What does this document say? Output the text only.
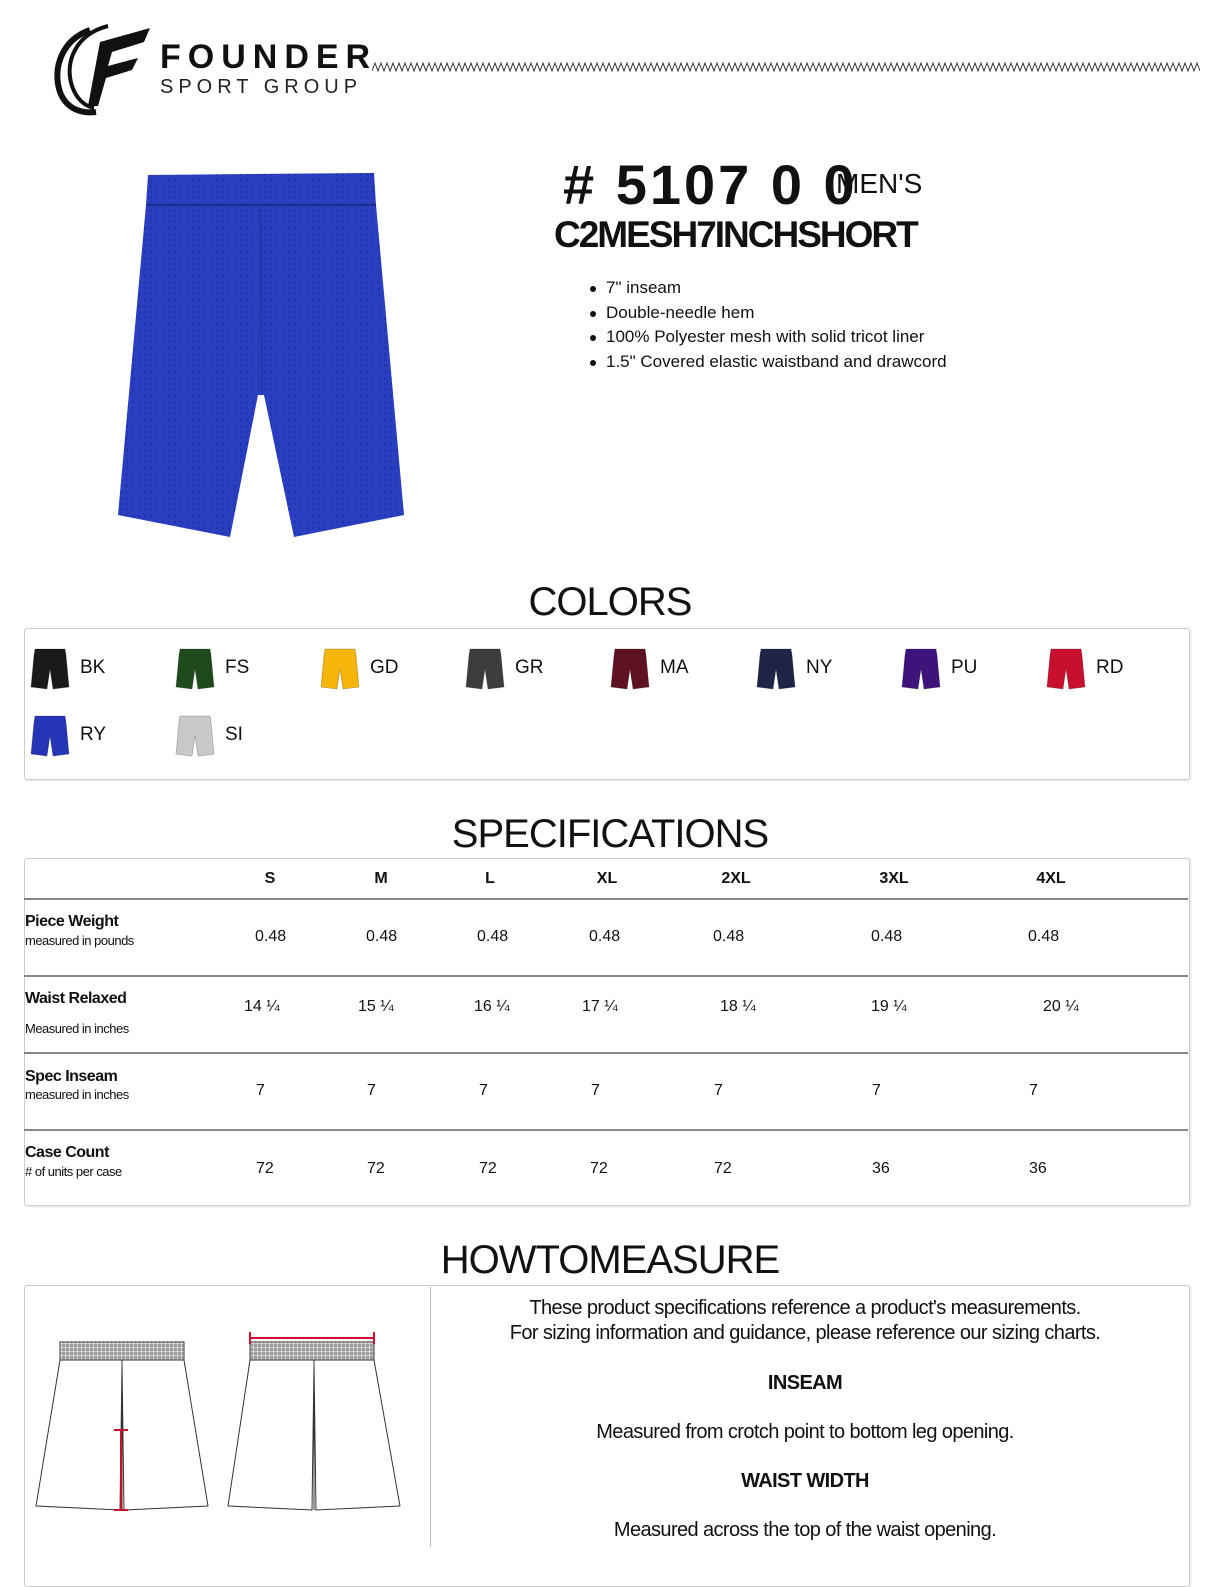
FOUNDER
SPORT GROUP
# 5107 0 0
MEN'S
C2MESH7INCHSHORT
7" inseam
Double-needle hem
100% Polyester mesh with solid tricot liner
1.5" Covered elastic waistband and drawcord
COLORS
BK	FS	GD	GR	MA	NY	PU	RD
RY	SI
SPECIFICATIONS
S	M	L	XL	2XL	3XL	4XL
Piece Weight
measured in pounds	0.48	0.48	0.48	0.48	0.48	0.48	0.48
Waist Relaxed
Measured in inches
14 ¼	15 ¼	16 ¼	17 ¼	18 ¼	19 ¼	20 ¼
Spec Inseam
measured in inches	7	7	7	7	7	7	7
Case Count
# of units per case	72	72	72	72	72	36	36
HOWTOMEASURE
These product specifications reference a product's measurements.
For sizing information and guidance, please reference our sizing charts.
INSEAM
Measured from crotch point to bottom leg opening.
WAIST WIDTH
Measured across the top of the waist opening.
